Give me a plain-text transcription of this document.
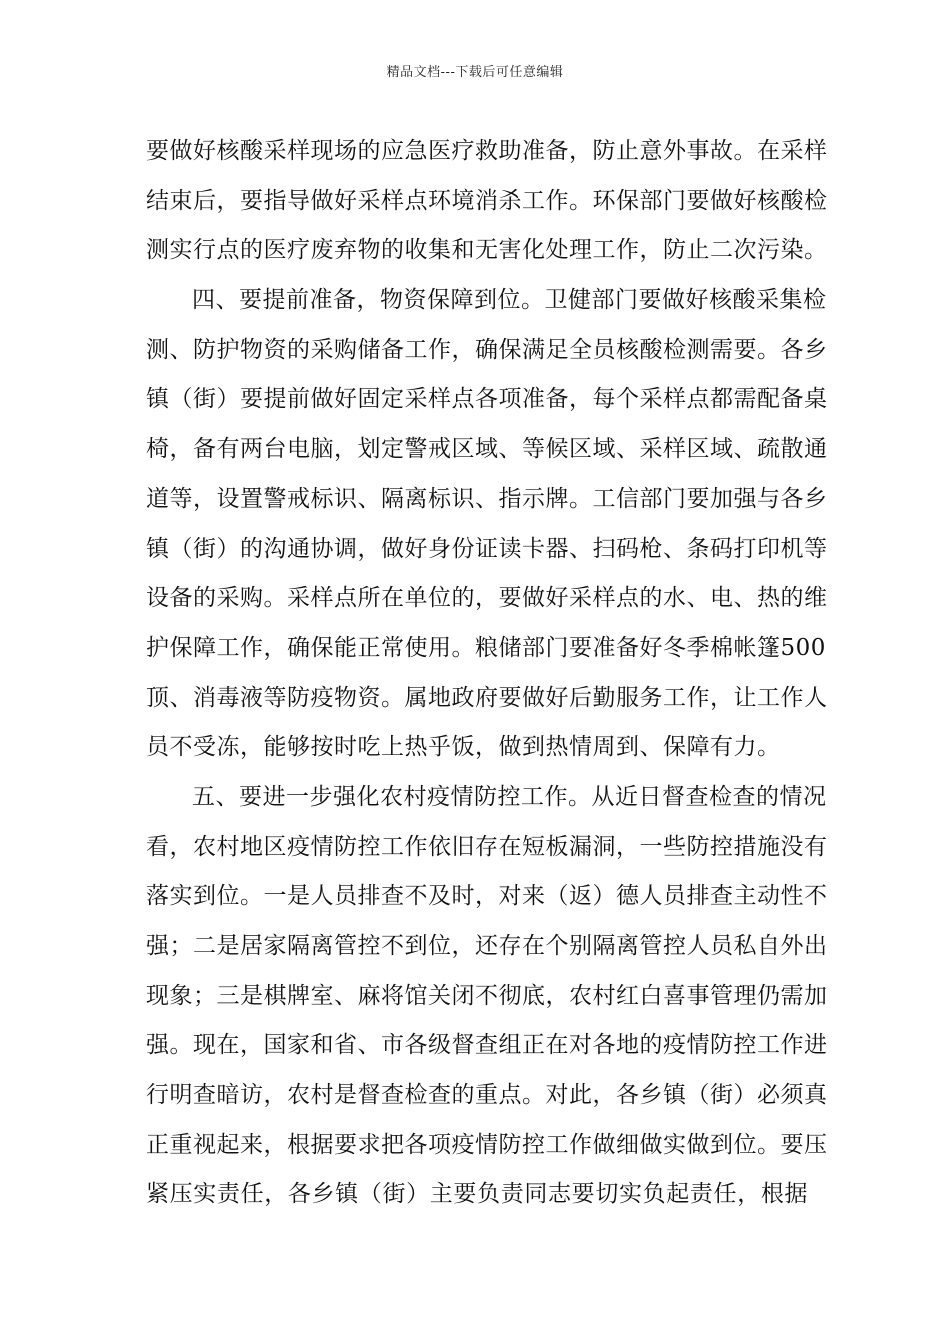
精品文档---下载后可任意编辑
要做好核酸采样现场的应急医疗救助准备，防止意外事故。在采样
结束后，要指导做好采样点环境消杀工作。环保部门要做好核酸检
测实行点的医疗废弃物的收集和无害化处理工作，防止二次污染。
四、要提前准备，物资保障到位。卫健部门要做好核酸采集检
测、防护物资的采购储备工作，确保满足全员核酸检测需要。各乡
镇（街）要提前做好固定采样点各项准备，每个采样点都需配备桌
椅，备有两台电脑，划定警戒区域、等候区域、采样区域、疏散通
道等，设置警戒标识、隔离标识、指示牌。工信部门要加强与各乡
镇（街）的沟通协调，做好身份证读卡器、扫码枪、条码打印机等
设备的采购。采样点所在单位的，要做好采样点的水、电、热的维
护保障工作，确保能正常使用。粮储部门要准备好冬季棉帐篷500
顶、消毒液等防疫物资。属地政府要做好后勤服务工作，让工作人
员不受冻，能够按时吃上热乎饭，做到热情周到、保障有力。
五、要进一步强化农村疫情防控工作。从近日督查检查的情况
看，农村地区疫情防控工作依旧存在短板漏洞，一些防控措施没有
落实到位。一是人员排查不及时，对来（返）德人员排查主动性不
强；二是居家隔离管控不到位，还存在个别隔离管控人员私自外出
现象；三是棋牌室、麻将馆关闭不彻底，农村红白喜事管理仍需加
强。现在，国家和省、市各级督查组正在对各地的疫情防控工作进
行明查暗访，农村是督查检查的重点。对此，各乡镇（街）必须真
正重视起来，根据要求把各项疫情防控工作做细做实做到位。要压
紧压实责任，各乡镇（街）主要负责同志要切实负起责任，根据
